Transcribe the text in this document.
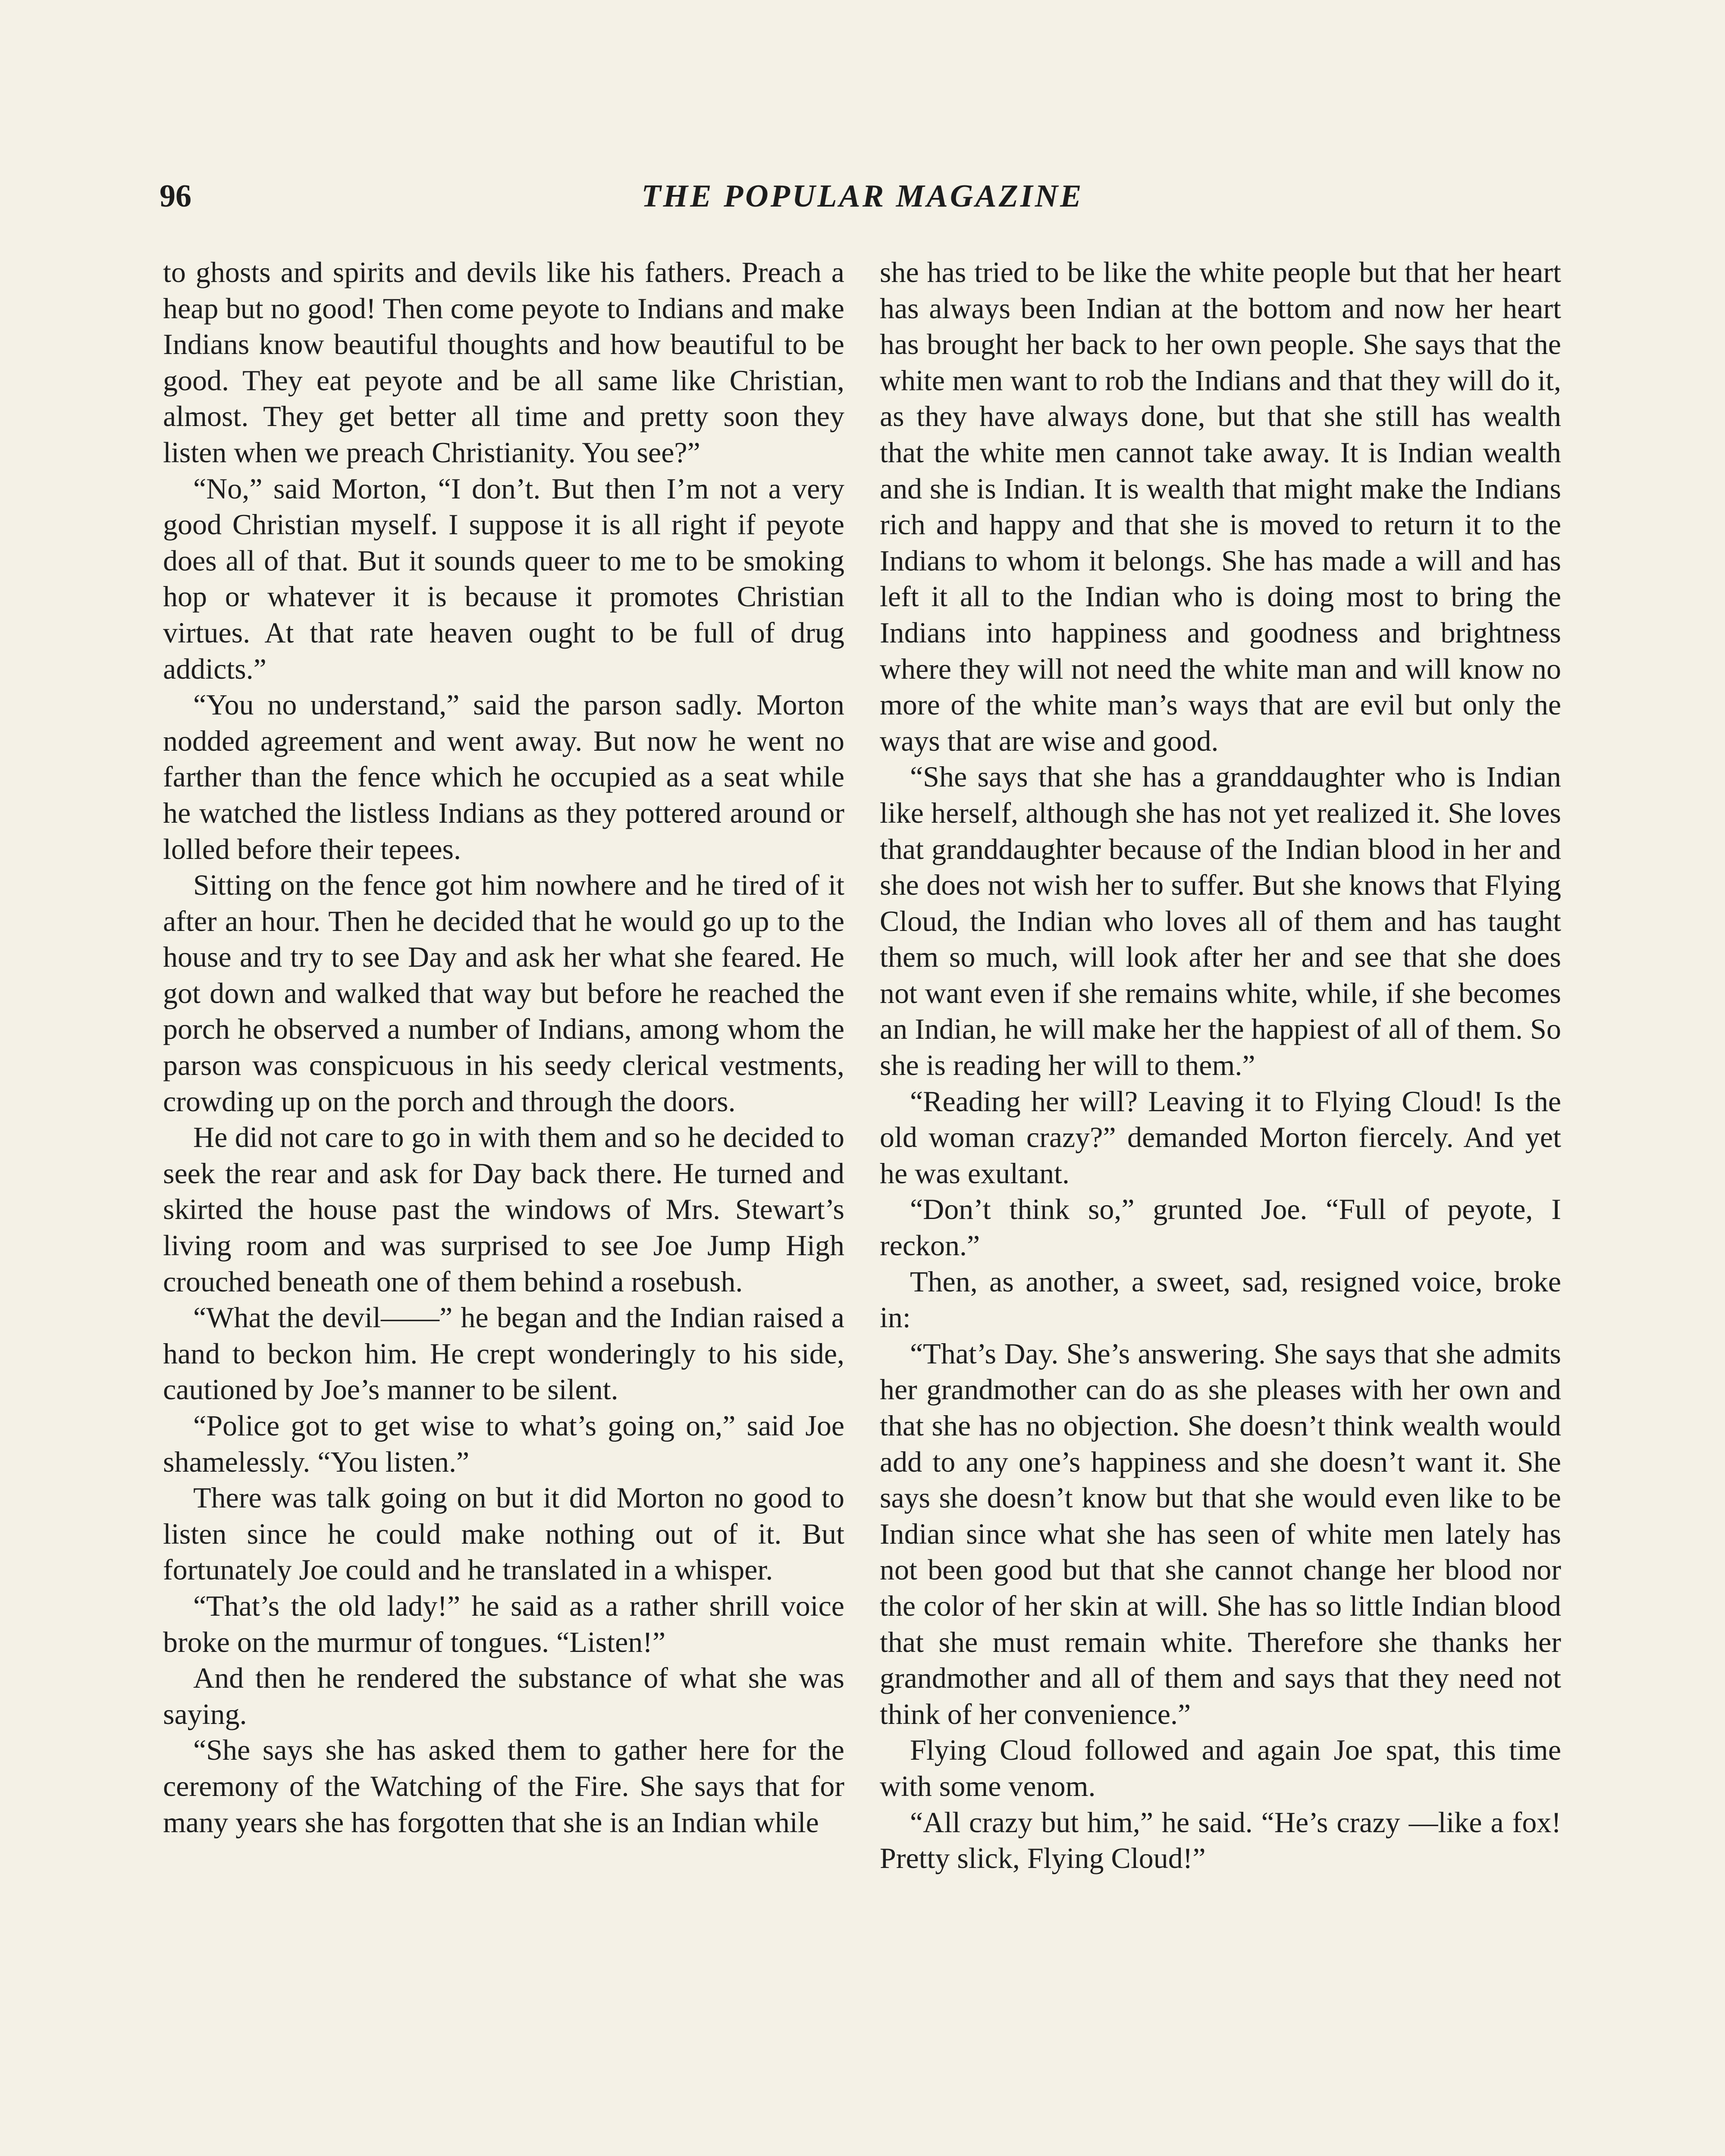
96	THE POPULAR MAGAZINE

to ghosts and spirits and devils like his fathers. Preach a heap but no good! Then come peyote to Indians and make Indians know beautiful thoughts and how beautiful to be good. They eat peyote and be all same like Christian, almost. They get better all time and pretty soon they listen when we preach Christianity. You see?”

“No,” said Morton, “I don’t. But then I’m not a very good Christian myself. I suppose it is all right if peyote does all of that. But it sounds queer to me to be smoking hop or whatever it is because it promotes Christian virtues. At that rate heaven ought to be full of drug addicts.”

“You no understand,” said the parson sadly. Morton nodded agreement and went away. But now he went no farther than the fence which he occupied as a seat while he watched the listless Indians as they pottered around or lolled before their tepees.

Sitting on the fence got him nowhere and he tired of it after an hour. Then he decided that he would go up to the house and try to see Day and ask her what she feared. He got down and walked that way but before he reached the porch he observed a number of Indians, among whom the parson was conspicuous in his seedy clerical vestments, crowding up on the porch and through the doors.

He did not care to go in with them and so he decided to seek the rear and ask for Day back there. He turned and skirted the house past the windows of Mrs. Stewart’s living room and was surprised to see Joe Jump High crouched beneath one of them behind a rosebush.

“What the devil——” he began and the Indian raised a hand to beckon him. He crept wonderingly to his side, cautioned by Joe’s manner to be silent.

“Police got to get wise to what’s going on,” said Joe shamelessly. “You listen.”

There was talk going on but it did Morton no good to listen since he could make nothing out of it. But fortunately Joe could and he translated in a whisper.

“That’s the old lady!” he said as a rather shrill voice broke on the murmur of tongues. “Listen!”

And then he rendered the substance of what she was saying.

“She says she has asked them to gather here for the ceremony of the Watching of the Fire. She says that for many years she has forgotten that she is an Indian while

she has tried to be like the white people but that her heart has always been Indian at the bottom and now her heart has brought her back to her own people. She says that the white men want to rob the Indians and that they will do it, as they have always done, but that she still has wealth that the white men cannot take away. It is Indian wealth and she is Indian. It is wealth that might make the Indians rich and happy and that she is moved to return it to the Indians to whom it belongs. She has made a will and has left it all to the Indian who is doing most to bring the Indians into happiness and goodness and brightness where they will not need the white man and will know no more of the white man’s ways that are evil but only the ways that are wise and good.

“She says that she has a granddaughter who is Indian like herself, although she has not yet realized it. She loves that granddaughter because of the Indian blood in her and she does not wish her to suffer. But she knows that Flying Cloud, the Indian who loves all of them and has taught them so much, will look after her and see that she does not want even if she remains white, while, if she becomes an Indian, he will make her the happiest of all of them. So she is reading her will to them.”

“Reading her will? Leaving it to Flying Cloud! Is the old woman crazy?” demanded Morton fiercely. And yet he was exultant.

“Don’t think so,” grunted Joe. “Full of peyote, I reckon.”

Then, as another, a sweet, sad, resigned voice, broke in:

“That’s Day. She’s answering. She says that she admits her grandmother can do as she pleases with her own and that she has no objection. She doesn’t think wealth would add to any one’s happiness and she doesn’t want it. She says she doesn’t know but that she would even like to be Indian since what she has seen of white men lately has not been good but that she cannot change her blood nor the color of her skin at will. She has so little Indian blood that she must remain white. Therefore she thanks her grandmother and all of them and says that they need not think of her convenience.”

Flying Cloud followed and again Joe spat, this time with some venom.

“All crazy but him,” he said. “He’s crazy —like a fox! Pretty slick, Flying Cloud!”
